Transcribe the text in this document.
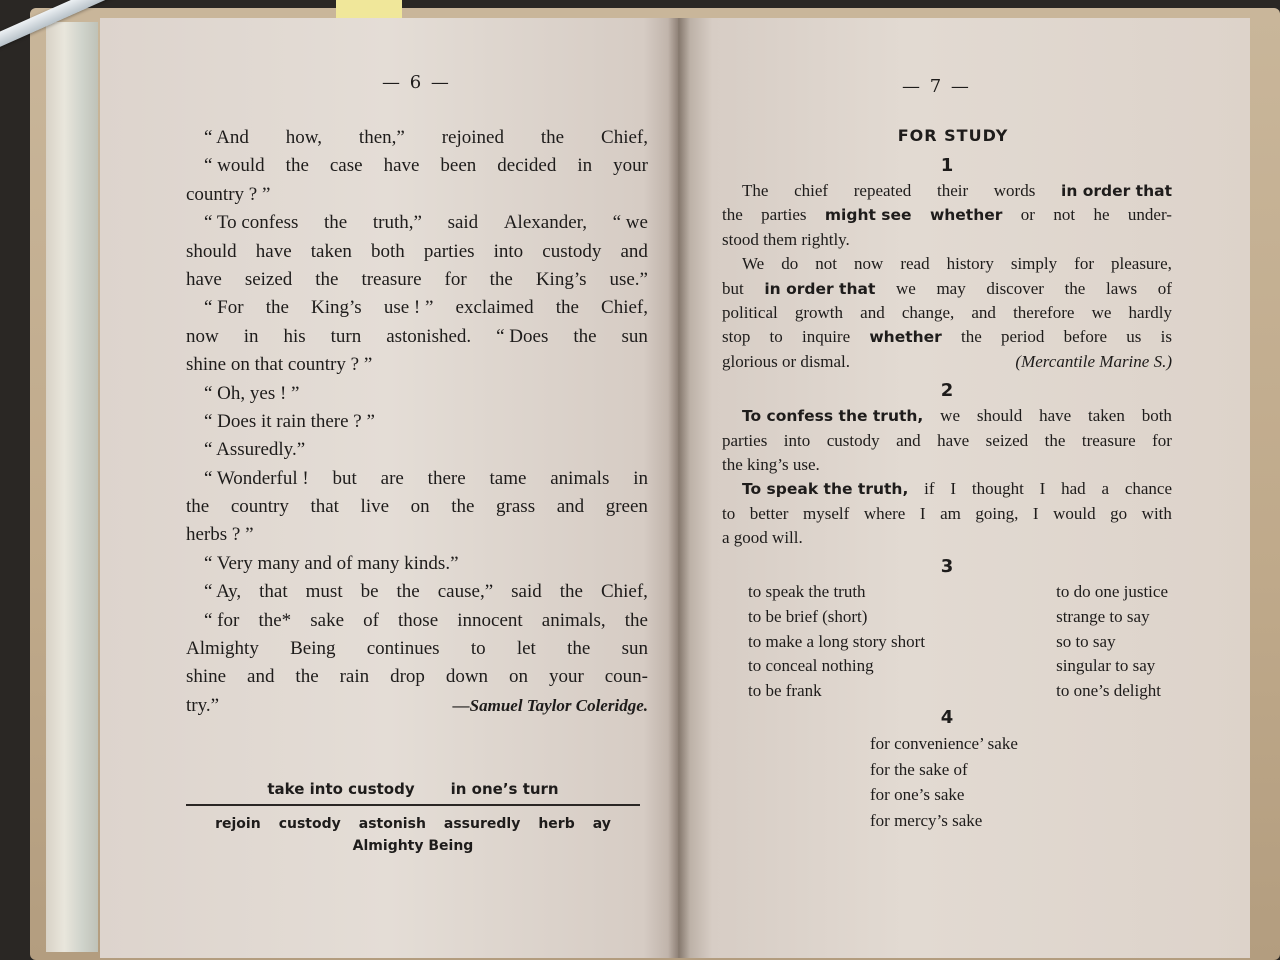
— 6 —
“ And how, then,” rejoined the Chief,
“ would the case have been decided in your
country ? ”
“ To confess the truth,” said Alexander, “ we
should have taken both parties into custody and
have seized the treasure for the King’s use.”
“ For the King’s use ! ” exclaimed the Chief,
now in his turn astonished. “ Does the sun
shine on that country ? ”
“ Oh, yes ! ”
“ Does it rain there ? ”
“ Assuredly.”
“ Wonderful ! but are there tame animals in
the country that live on the grass and green
herbs ? ”
“ Very many and of many kinds.”
“ Ay, that must be the cause,” said the Chief,
“ for the* sake of those innocent animals, the
Almighty Being continues to let the sun
shine and the rain drop down on your coun-
try.”	—Samuel Taylor Coleridge.
take into custody in one’s turn
rejoin custody astonish assuredly herb ay
Almighty Being
— 7 —
FOR STUDY
1
The chief repeated their words in order that
the parties might see whether or not he under-
stood them rightly.
We do not now read history simply for pleasure,
but in order that we may discover the laws of
political growth and change, and therefore we hardly
stop to inquire whether the period before us is
glorious or dismal.	(Mercantile Marine S.)
2
To confess the truth, we should have taken both
parties into custody and have seized the treasure for
the king’s use.
To speak the truth, if I thought I had a chance
to better myself where I am going, I would go with
a good will.
3
to speak the truth
to be brief (short)
to make a long story short
to conceal nothing
to be frank
to do one justice
strange to say
so to say
singular to say
to one’s delight
4
for convenience’ sake
for the sake of
for one’s sake
for mercy’s sake
